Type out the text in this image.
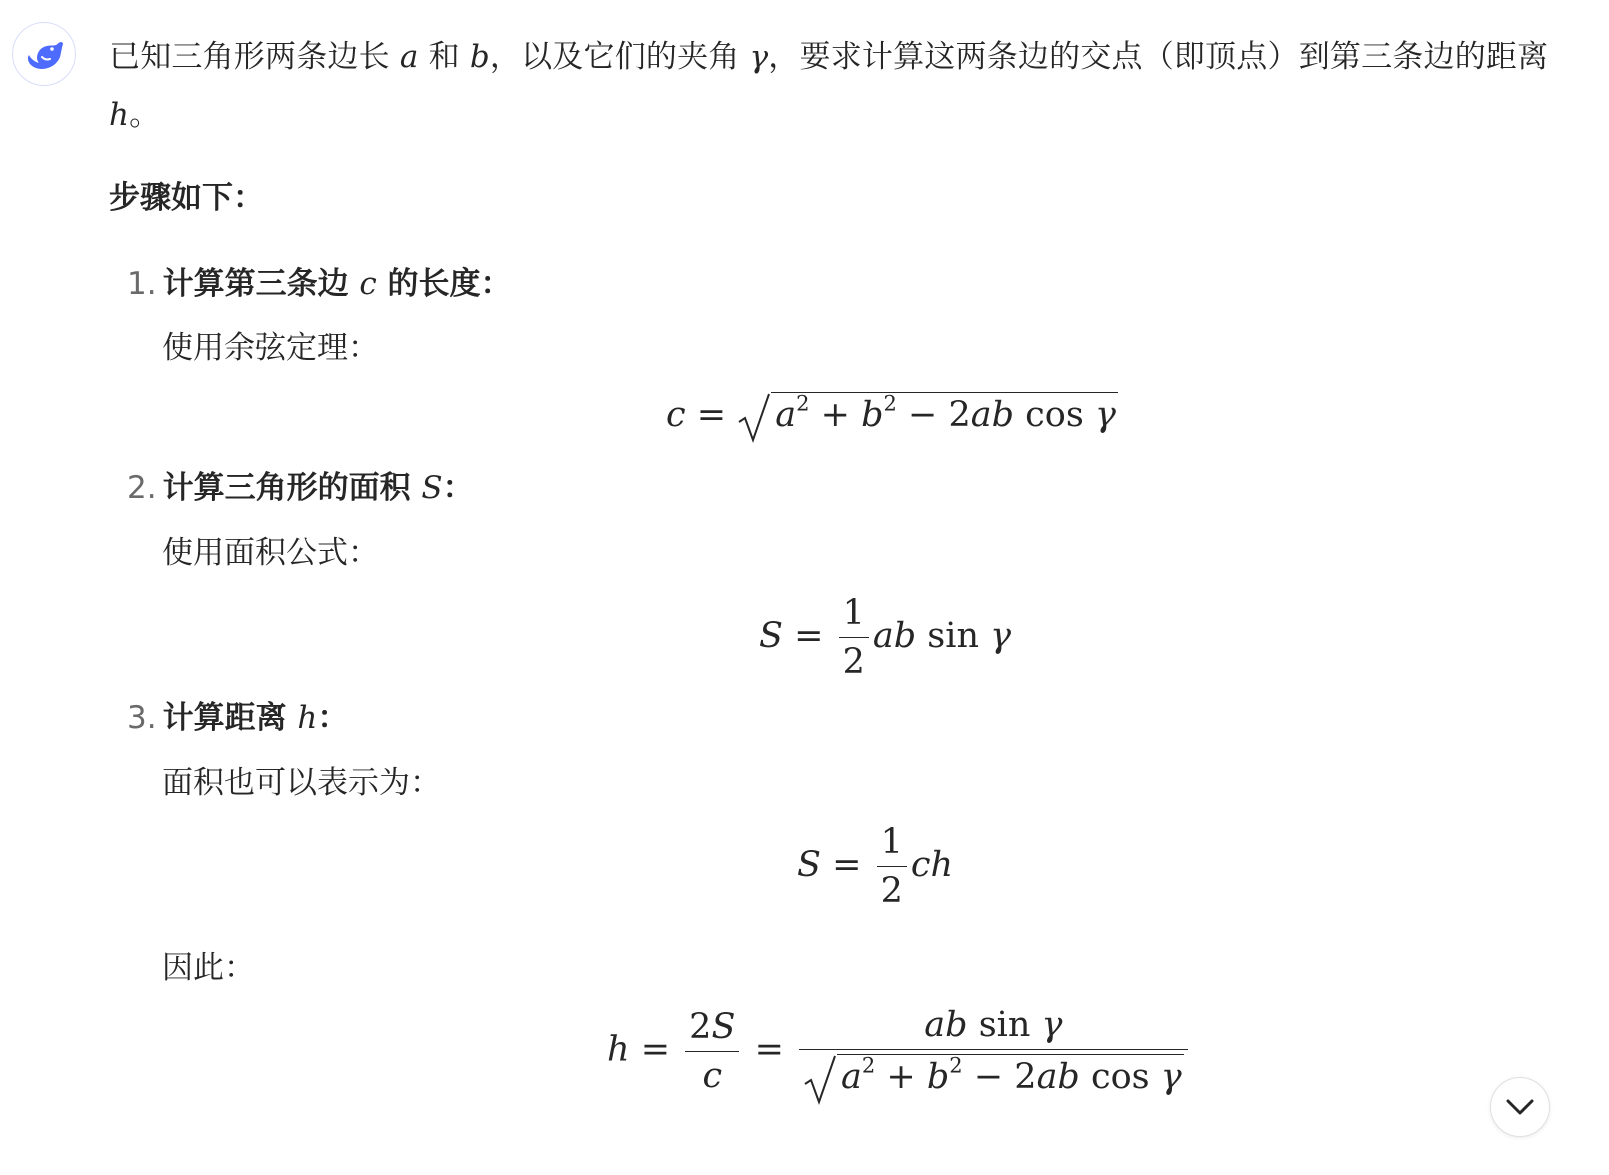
已知三角形两条边长 a 和 b，以及它们的夹角 γ，要求计算这两条边的交点（即顶点）到第三条边的距离 h。
步骤如下：
1. 计算第三条边 c 的长度：
使用余弦定理：
$c = a^2 + b^2 - 2ab$ cos γ
2. 计算三角形的面积 S：
使用面积公式：
$S = \frac{1}{2}$ ab sin γ
3. 计算距离 h：
面积也可以表示为：
$S = \frac{1}{2}$ ch
因此：
$h = \frac{2S}{c} = \frac{\text{ab sin γ}}{a^2 + b^2 - 2ab \cos \gamma}$
